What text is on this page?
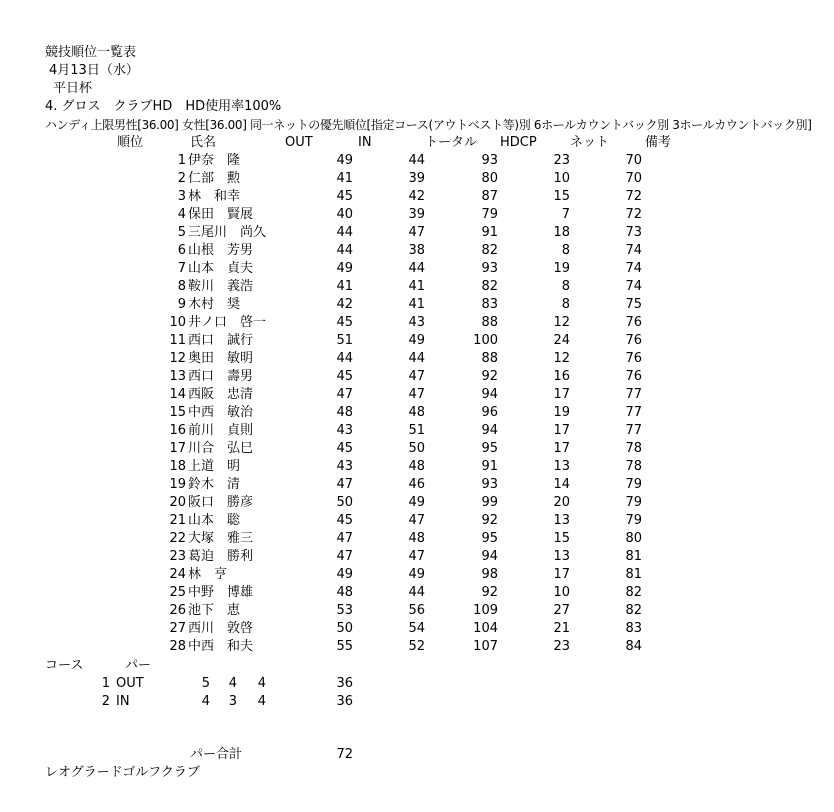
競技順位一覧表
4月13日（水）
平日杯
4. グロス　クラブHD　HD使用率100%
ハンディ上限男性[36.00] 女性[36.00] 同一ネットの優先順位[指定コース(アウトベスト等)別 6ホールカウントバック別 3ホールカウントバック別]
順位	氏名	OUT	IN	トータル HDCP	ネット	備考
1 伊奈　隆	49	44	93	23	70
2 仁部　勲	41	39	80	10	70
3 林　和幸	45	42	87	15	72
4 保田　賢展	40	39	79	7	72
5 三尾川　尚久	44	47	91	18	73
6 山根　芳男	44	38	82	8	74
7 山本　貞夫	49	44	93	19	74
8 鞍川　義浩	41	41	82	8	74
9 木村　奨	42	41	83	8	75
10 井ノ口　啓一	45	43	88	12	76
11 西口　誠行	51	49	100	24	76
12 奥田　敏明	44	44	88	12	76
13 西口　壽男	45	47	92	16	76
14 西阪　忠清	47	47	94	17	77
15 中西　敏治	48	48	96	19	77
16 前川　貞則	43	51	94	17	77
17 川合　弘巳	45	50	95	17	78
18 上道　明	43	48	91	13	78
19 鈴木　清	47	46	93	14	79
20 阪口　勝彦	50	49	99	20	79
21 山本　聡	45	47	92	13	79
22 大塚　雅三	47	48	95	15	80
23 葛迫　勝利	47	47	94	13	81
24 林　亨	49	49	98	17	81
25 中野　博雄	48	44	92	10	82
26 池下　恵	53	56	109	27	82
27 西川　敦啓	50	54	104	21	83
28 中西　和夫	55	52	107	23	84
コース	パー
1 OUT	5	4	4	36
2 IN	4	3	4	36
パー合計	72
レオグラードゴルフクラブ
